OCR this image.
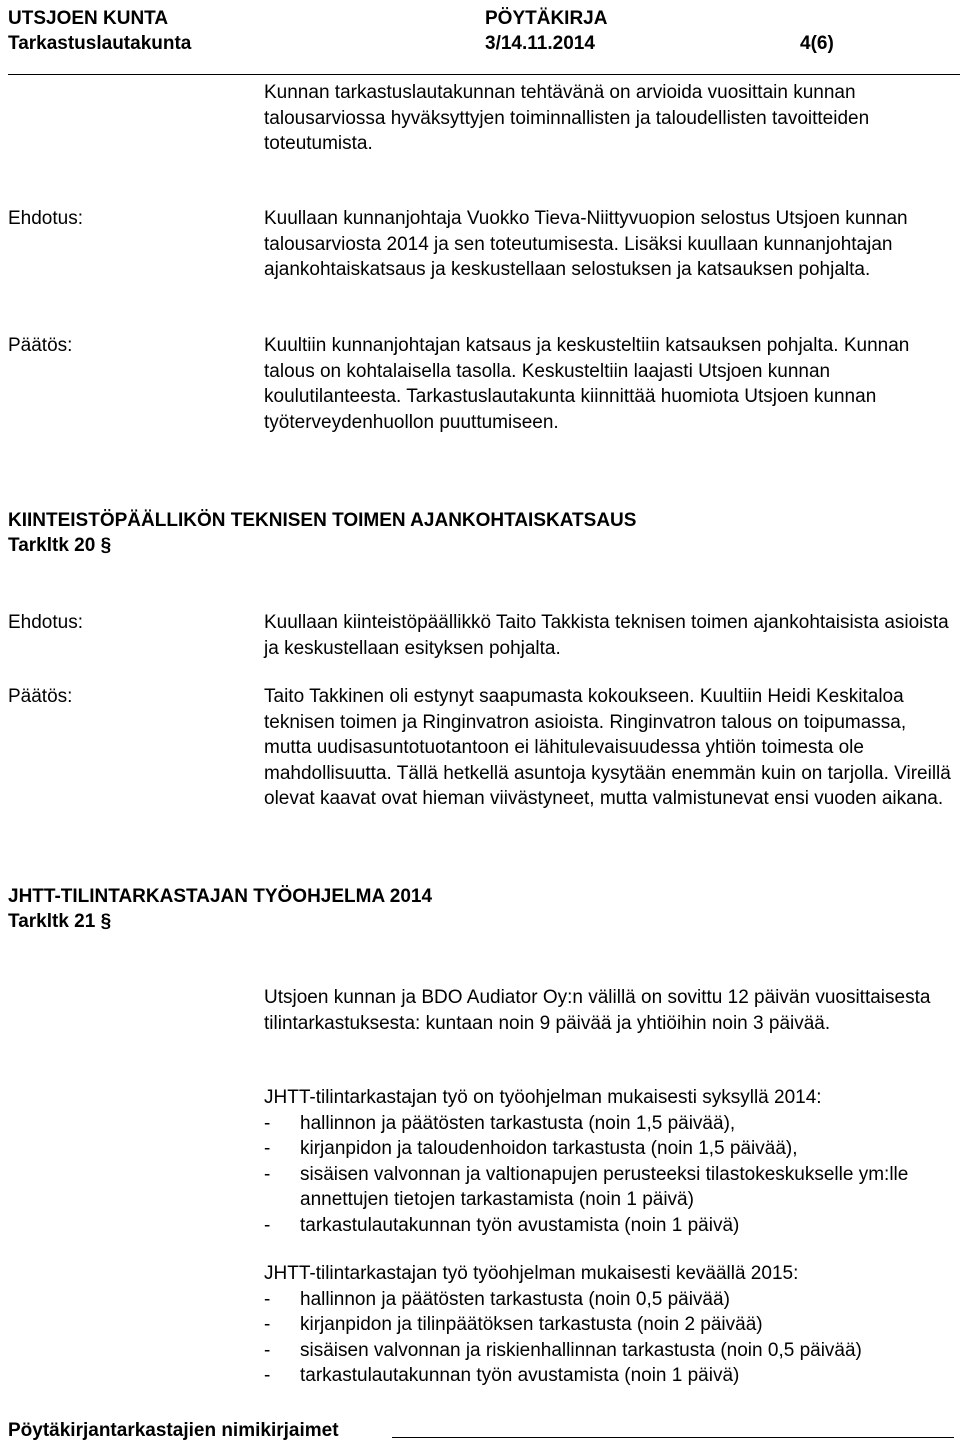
UTSJOEN KUNTA
Tarkastuslautakunta
PÖYTÄKIRJA
3/14.11.2014	4(6)

Kunnan tarkastuslautakunnan tehtävänä on arvioida vuosittain kunnan talousarviossa hyväksyttyjen toiminnallisten ja taloudellisten tavoitteiden toteutumista.

Ehdotus:	Kuullaan kunnanjohtaja Vuokko Tieva-Niittyvuopion selostus Utsjoen kunnan talousarviosta 2014 ja sen toteutumisesta. Lisäksi kuullaan kunnanjohtajan ajankohtaiskatsaus ja keskustellaan selostuksen ja katsauksen pohjalta.

Päätös:	Kuultiin kunnanjohtajan katsaus ja keskusteltiin katsauksen pohjalta. Kunnan talous on kohtalaisella tasolla. Keskusteltiin laajasti Utsjoen kunnan koulutilanteesta. Tarkastuslautakunta kiinnittää huomiota Utsjoen kunnan työterveydenhuollon puuttumiseen.

KIINTEISTÖPÄÄLLIKÖN TEKNISEN TOIMEN AJANKOHTAISKATSAUS
Tarkltk 20 §
Ehdotus:	Kuullaan kiinteistöpäällikkö Taito Takkista teknisen toimen ajankohtaisista asioista ja keskustellaan esityksen pohjalta.

Päätös:	Taito Takkinen oli estynyt saapumasta kokoukseen. Kuultiin Heidi Keskitaloa teknisen toimen ja Ringinvatron asioista. Ringinvatron talous on toipumassa, mutta uudisasuntotuotantoon ei lähitulevaisuudessa yhtiön toimesta ole mahdollisuutta. Tällä hetkellä asuntoja kysytään enemmän kuin on tarjolla. Vireillä olevat kaavat ovat hieman viivästyneet, mutta valmistunevat ensi vuoden aikana.

JHTT-TILINTARKASTAJAN TYÖOHJELMA 2014
Tarkltk 21 §

Utsjoen kunnan ja BDO Audiator Oy:n välillä on sovittu 12 päivän vuosittaisesta tilintarkastuksesta: kuntaan noin 9 päivää ja yhtiöihin noin 3 päivää.

JHTT-tilintarkastajan työ on työohjelman mukaisesti syksyllä 2014:
- hallinnon ja päätösten tarkastusta (noin 1,5 päivää),
- kirjanpidon ja taloudenhoidon tarkastusta (noin 1,5 päivää),
- sisäisen valvonnan ja valtionapujen perusteeksi tilastokeskukselle ym:lle annettujen tietojen tarkastamista (noin 1 päivä)
- tarkastulautakunnan työn avustamista (noin 1 päivä)
JHTT-tilintarkastajan työ työohjelman mukaisesti keväällä 2015:
- hallinnon ja päätösten tarkastusta (noin 0,5 päivää)
- kirjanpidon ja tilinpäätöksen tarkastusta (noin 2 päivää)
- sisäisen valvonnan ja riskienhallinnan tarkastusta (noin 0,5 päivää)
- tarkastulautakunnan työn avustamista (noin 1 päivä)
Pöytäkirjantarkastajien nimikirjaimet
